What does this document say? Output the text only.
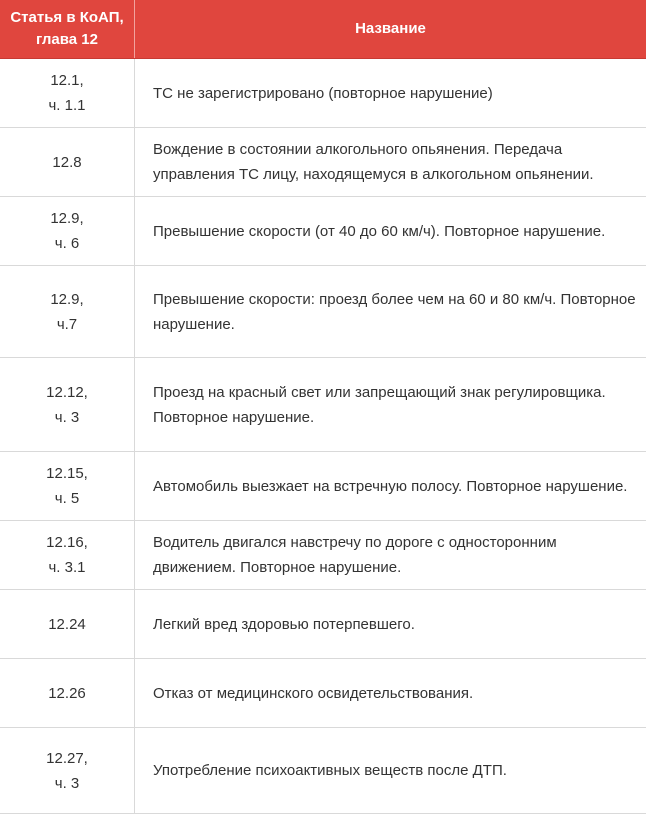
Статья в КоАП,
глава 12	Название

12.1,
ч. 1.1	ТС не зарегистрировано (повторное нарушение)

12.8	Вождение в состоянии алкогольного опьянения. Передача управления ТС лицу, находящемуся в алкогольном опьянении.

12.9,
ч. 6	Превышение скорости (от 40 до 60 км/ч). Повторное нарушение.

12.9,
ч.7	Превышение скорости: проезд более чем на 60 и 80 км/ч. Повторное нарушение.

12.12,
ч. 3	Проезд на красный свет или запрещающий знак регулировщика. Повторное нарушение.

12.15,
ч. 5	Автомобиль выезжает на встречную полосу. Повторное нарушение.

12.16,
ч. 3.1	Водитель двигался навстречу по дороге с односторонним движением. Повторное нарушение.

12.24	Легкий вред здоровью потерпевшего.

12.26	Отказ от медицинского освидетельствования.

12.27,
ч. 3	Употребление психоактивных веществ после ДТП.
